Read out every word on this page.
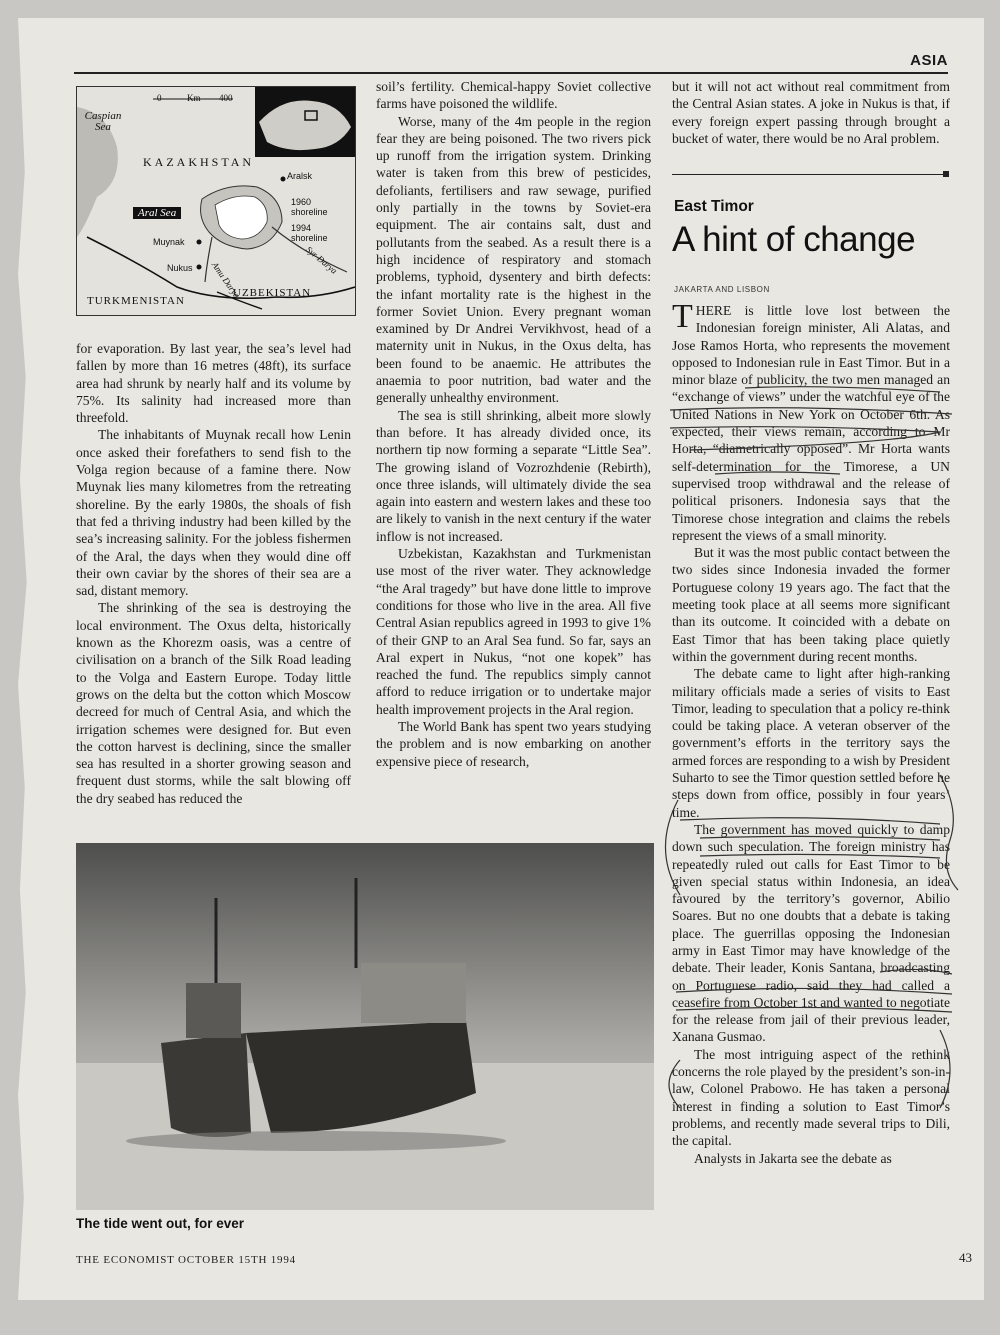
ASIA
0	Km 400
Caspian Sea
KAZAKHSTAN
Aralsk
Aral Sea
1960 shoreline
1994 shoreline
Muynak
Nukus Amu Darya
Syr Darya
UZBEKISTAN
TURKMENISTAN

for evaporation. By last year, the sea’s level had fallen by more than 16 metres (48ft), its surface area had shrunk by nearly half and its volume by 75%. Its salinity had increased more than threefold.

The inhabitants of Muynak recall how Lenin once asked their forefathers to send fish to the Volga region because of a famine there. Now Muynak lies many kilometres from the retreating shoreline. By the early 1980s, the shoals of fish that fed a thriving industry had been killed by the sea’s increasing salinity. For the jobless fishermen of the Aral, the days when they would dine off their own caviar by the shores of their sea are a sad, distant memory.

The shrinking of the sea is destroying the local environment. The Oxus delta, historically known as the Khorezm oasis, was a centre of civilisation on a branch of the Silk Road leading to the Volga and Eastern Europe. Today little grows on the delta but the cotton which Moscow decreed for much of Central Asia, and which the irrigation schemes were designed for. But even the cotton harvest is declining, since the smaller sea has resulted in a shorter growing season and frequent dust storms, while the salt blowing off the dry seabed has reduced the

soil’s fertility. Chemical-happy Soviet collective farms have poisoned the wildlife.

Worse, many of the 4m people in the region fear they are being poisoned. The two rivers pick up runoff from the irrigation system. Drinking water is taken from this brew of pesticides, defoliants, fertilisers and raw sewage, purified only partially in the towns by Soviet-era equipment. The air contains salt, dust and pollutants from the seabed. As a result there is a high incidence of respiratory and stomach problems, typhoid, dysentery and birth defects: the infant mortality rate is the highest in the former Soviet Union. Every pregnant woman examined by Dr Andrei Vervikhvost, head of a maternity unit in Nukus, in the Oxus delta, has been found to be anaemic. He attributes the anaemia to poor nutrition, bad water and the generally unhealthy environment.

The sea is still shrinking, albeit more slowly than before. It has already divided once, its northern tip now forming a separate “Little Sea”. The growing island of Vozrozhdenie (Rebirth), once three islands, will ultimately divide the sea again into eastern and western lakes and these too are likely to vanish in the next century if the water inflow is not increased.

Uzbekistan, Kazakhstan and Turkmenistan use most of the river water. They acknowledge “the Aral tragedy” but have done little to improve conditions for those who live in the area. All five Central Asian republics agreed in 1993 to give 1% of their GNP to an Aral Sea fund. So far, says an Aral expert in Nukus, “not one kopek” has reached the fund. The republics simply cannot afford to reduce irrigation or to undertake major health improvement projects in the Aral region.

The World Bank has spent two years studying the problem and is now embarking on another expensive piece of research,

but it will not act without real commitment from the Central Asian states. A joke in Nukus is that, if every foreign expert passing through brought a bucket of water, there would be no Aral problem.

East Timor
A hint of change
JAKARTA AND LISBON

THERE is little love lost between the Indonesian foreign minister, Ali Alatas, and Jose Ramos Horta, who represents the movement opposed to Indonesian rule in East Timor. But in a minor blaze of publicity, the two men managed an “exchange of views” under the watchful eye of the United Nations in New York on October 6th. As expected, their views remain, according to Mr Horta, “diametrically opposed”. Mr Horta wants self-determination for the Timorese, a UN supervised troop withdrawal and the release of political prisoners. Indonesia says that the Timorese chose integration and claims the rebels represent the views of a small minority.

But it was the most public contact between the two sides since Indonesia invaded the former Portuguese colony 19 years ago. The fact that the meeting took place at all seems more significant than its outcome. It coincided with a debate on East Timor that has been taking place quietly within the government during recent months.

The debate came to light after high-ranking military officials made a series of visits to East Timor, leading to speculation that a policy re-think could be taking place. A veteran observer of the government’s efforts in the territory says the armed forces are responding to a wish by President Suharto to see the Timor question settled before he steps down from office, possibly in four years’ time.

The government has moved quickly to damp down such speculation. The foreign ministry has repeatedly ruled out calls for East Timor to be given special status within Indonesia, an idea favoured by the territory’s governor, Abilio Soares. But no one doubts that a debate is taking place. The guerrillas opposing the Indonesian army in East Timor may have knowledge of the debate. Their leader, Konis Santana, broadcasting on Portuguese radio, said they had called a ceasefire from October 1st and wanted to negotiate for the release from jail of their previous leader, Xanana Gusmao.

The most intriguing aspect of the rethink concerns the role played by the president’s son-in-law, Colonel Prabowo. He has taken a personal interest in finding a solution to East Timor’s problems, and recently made several trips to Dili, the capital.

Analysts in Jakarta see the debate as

The tide went out, for ever
THE ECONOMIST OCTOBER 15TH 1994	43
